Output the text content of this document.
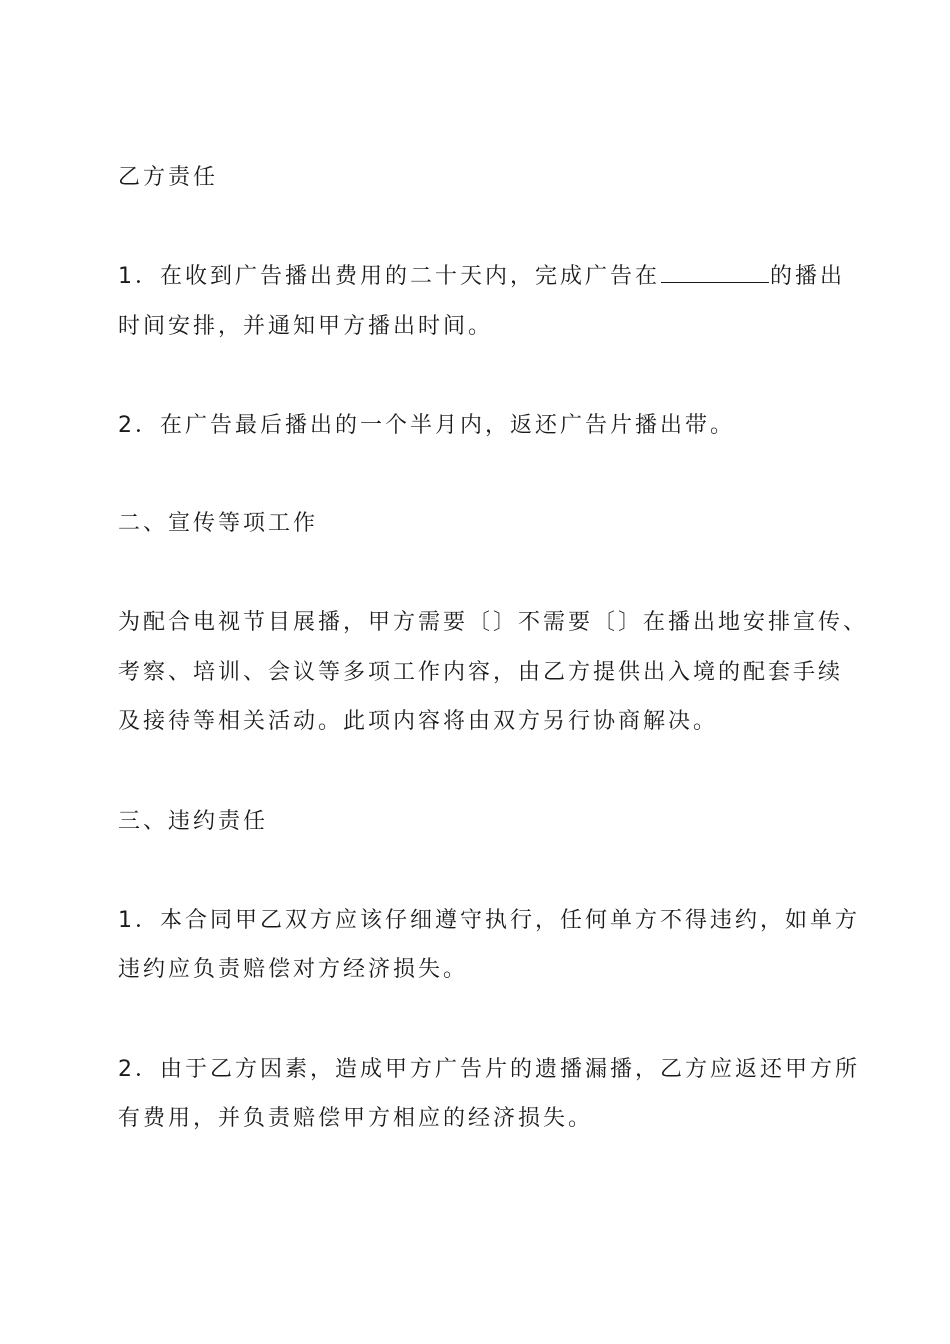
乙方责任
1．在收到广告播出费用的二十天内，完成广告在	的播出
时间安排，并通知甲方播出时间。
2．在广告最后播出的一个半月内，返还广告片播出带。
二、宣传等项工作
为配合电视节目展播，甲方需要〔〕不需要〔〕在播出地安排宣传、
考察、培训、会议等多项工作内容，由乙方提供出入境的配套手续
及接待等相关活动。此项内容将由双方另行协商解决。
三、违约责任
1．本合同甲乙双方应该仔细遵守执行，任何单方不得违约，如单方
违约应负责赔偿对方经济损失。
2．由于乙方因素，造成甲方广告片的遗播漏播，乙方应返还甲方所
有费用，并负责赔偿甲方相应的经济损失。
